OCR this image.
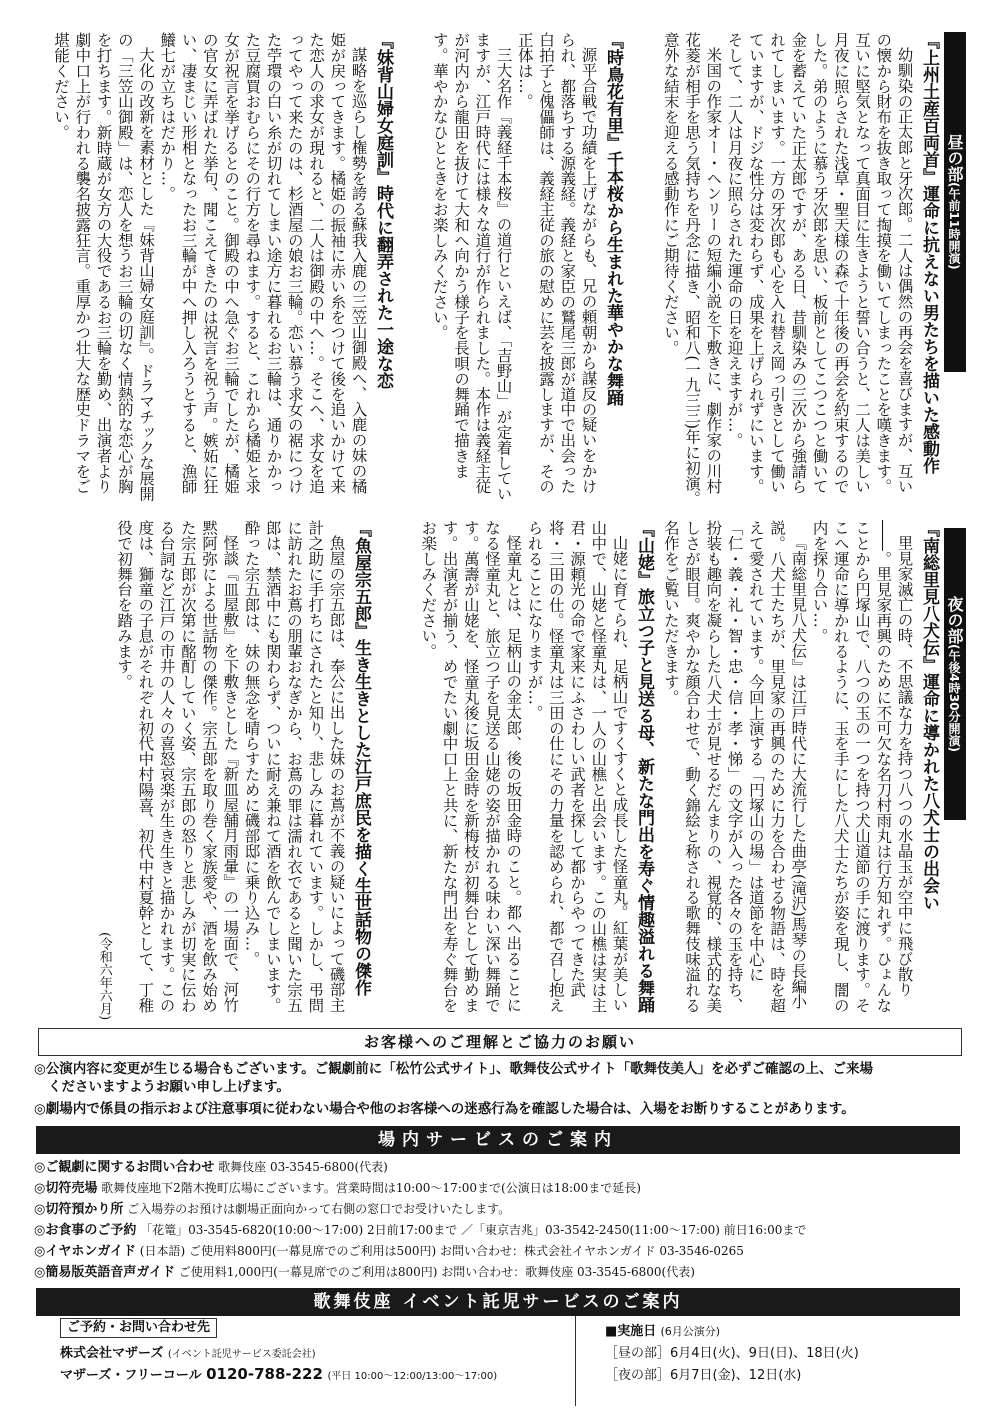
昼の部(午前11時開演)
夜の部(午後4時30分開演)
『上州土産百両首』運命に抗えない男たちを描いた感動作

幼馴染の正太郎と牙次郎。二人は偶然の再会を喜びますが、互いの懐から財布を抜き取って掏摸を働いてしまったことを嘆きます。互いに堅気となって真面目に生きようと誓い合うと、二人は美しい月夜に照らされた浅草・聖天様の森で十年後の再会を約束するのでした。弟のように慕う牙次郎を思い、板前としてこつこつと働いて金を蓄えていた正太郎ですが、ある日、昔馴染みの三次から強請られてしまいます。一方の牙次郎も心を入れ替え岡っ引きとして働いていますが、ドジな性分は変わらず、成果を上げられずにいます。そして、二人は月夜に照らされた運命の日を迎えますが…。

米国の作家オー・ヘンリーの短編小説を下敷きに、劇作家の川村花菱が相手を思う気持ちを丹念に描き、昭和八(一九三三)年に初演。意外な結末を迎える感動作にご期待ください。

『時鳥花有里』千本桜から生まれた華やかな舞踊

源平合戦で功績を上げながらも、兄の頼朝から謀反の疑いをかけられ、都落ちする源義経。義経と家臣の鷲尾三郎が道中で出会った白拍子と傀儡師は、義経主従の旅の慰めに芸を披露しますが、その正体は…。

三大名作『義経千本桜』の道行といえば、「吉野山」が定着していますが、江戸時代には様々な道行が作られました。本作は義経主従が河内から龍田を抜けて大和へ向かう様子を長唄の舞踊で描きます。華やかなひとときをお楽しみください。

『妹背山婦女庭訓』時代に翻弄された一途な恋

謀略を巡らし権勢を誇る蘇我入鹿の三笠山御殿へ、入鹿の妹の橘姫が戻ってきます。橘姫の振袖に赤い糸をつけて後を追いかけて来た恋人の求女が現れると、二人は御殿の中へ…。そこへ、求女を追ってやって来たのは、杉酒屋の娘お三輪。恋い慕う求女の裾につけた苧環の白い糸が切れてしまい途方に暮れるお三輪は、通りかかった豆腐買おむらにその行方を尋ねます。すると、これから橘姫と求女が祝言を挙げるとのこと。御殿の中へ急ぐお三輪でしたが、橘姫の官女に弄ばれた挙句、聞こえてきたのは祝言を祝う声。嫉妬に狂い、凄まじい形相となったお三輪が中へ押し入ろうとすると、漁師鱶七が立ちはだかり…。

大化の改新を素材とした『妹背山婦女庭訓』。ドラマチックな展開の「三笠山御殿」は、恋人を想うお三輪の切なく情熱的な恋心が胸を打ちます。新時蔵が女方の大役であるお三輪を勤め、出演者より劇中口上が行われる襲名披露狂言。重厚かつ壮大な歴史ドラマをご堪能ください。

『南総里見八犬伝』運命に導かれた八犬士の出会い

里見家滅亡の時、不思議な力を持つ八つの水晶玉が空中に飛び散り――。里見家再興のために不可欠な名刀村雨丸は行方知れず。ひょんなことから円塚山で、八つの玉の一つを持つ犬山道節の手に渡ります。そこへ運命に導かれるように、玉を手にした八犬士たちが姿を現し、闇の内を探り合い…。

『南総里見八犬伝』は江戸時代に大流行した曲亭(滝沢)馬琴の長編小説。八犬士たちが、里見家の再興のために力を合わせる物語は、時を超えて愛されています。今回上演する「円塚山の場」は道節を中心に「仁・義・礼・智・忠・信・孝・悌」の文字が入った各々の玉を持ち、扮装も趣向を凝らした八犬士が見せるだんまりの、視覚的、様式的な美しさが眼目。爽やかな顔合わせで、動く錦絵と称される歌舞伎味溢れる名作をご覧いただきます。

『山姥』旅立つ子と見送る母、新たな門出を寿ぐ情趣溢れる舞踊

山姥に育てられ、足柄山ですくすくと成長した怪童丸。紅葉が美しい山中で、山姥と怪童丸は、一人の山樵と出会います。この山樵は実は主君・源頼光の命で家来にふさわしい武者を探して都からやってきた武将・三田の仕。怪童丸は三田の仕にその力量を認められ、都で召し抱えられることになりますが…。

怪童丸とは、足柄山の金太郎、後の坂田金時のこと。都へ出ることになる怪童丸と、旅立つ子を見送る山姥の姿が描かれる味わい深い舞踊です。萬壽が山姥を、怪童丸後に坂田金時を新梅枝が初舞台として勤めます。出演者が揃う、めでたい劇中口上と共に、新たな門出を寿ぐ舞台をお楽しみください。

『魚屋宗五郎』生き生きとした江戸庶民を描く生世話物の傑作

魚屋の宗五郎は、奉公に出した妹のお蔦が不義の疑いによって磯部主計之助に手打ちにされたと知り、悲しみに暮れています。しかし、弔問に訪れたお蔦の朋輩おなぎから、お蔦の罪は濡れ衣であると聞いた宗五郎は、禁酒中にも関わらず、ついに耐え兼ねて酒を飲んでしまいます。酔った宗五郎は、妹の無念を晴らすために磯部邸に乗り込み…。

怪談『皿屋敷』を下敷きとした『新皿屋舗月雨暈』の一場面で、河竹黙阿弥による世話物の傑作。宗五郎を取り巻く家族愛や、酒を飲み始めた宗五郎が次第に酩酊していく姿、宗五郎の怒りと悲しみが切実に伝わる台詞など江戸の市井の人々の喜怒哀楽が生き生きと描かれます。この度は、獅童の子息がそれぞれ初代中村陽喜、初代中村夏幹として、丁稚役で初舞台を踏みます。

(令和六年六月)
お客様へのご理解とご協力のお願い
◎公演内容に変更が生じる場合もございます。ご観劇前に「松竹公式サイト」、歌舞伎公式サイト「歌舞伎美人」を必ずご確認の上、ご来場
くださいますようお願い申し上げます。
◎劇場内で係員の指示および注意事項に従わない場合や他のお客様への迷惑行為を確認した場合は、入場をお断りすることがあります。
場内サービスのご案内
◎ご観劇に関するお問い合わせ 歌舞伎座 03-3545-6800(代表)
◎切符売場 歌舞伎座地下2階木挽町広場にございます。営業時間は10:00～17:00まで(公演日は18:00まで延長)
◎切符預かり所 ご入場券のお預けは劇場正面向かって右側の窓口でお受けいたします。
◎お食事のご予約 「花篭」03-3545-6820(10:00～17:00) 2日前17:00まで ／「東京吉兆」03-3542-2450(11:00～17:00) 前日16:00まで
◎イヤホンガイド (日本語) ご使用料800円(一幕見席でのご利用は500円) お問い合わせ：株式会社イヤホンガイド 03-3546-0265
◎簡易版英語音声ガイド ご使用料1,000円(一幕見席でのご利用は800円) お問い合わせ：歌舞伎座 03-3545-6800(代表)
歌舞伎座 イベント託児サービスのご案内
ご予約・お問い合わせ先
株式会社マザーズ (イベント託児サービス委託会社)
マザーズ・フリーコール 0120-788-222 (平日 10:00～12:00/13:00～17:00)
■実施日 (6月公演分)
［昼の部］6月4日(火)、9日(日)、18日(火)
［夜の部］6月7日(金)、12日(水)
